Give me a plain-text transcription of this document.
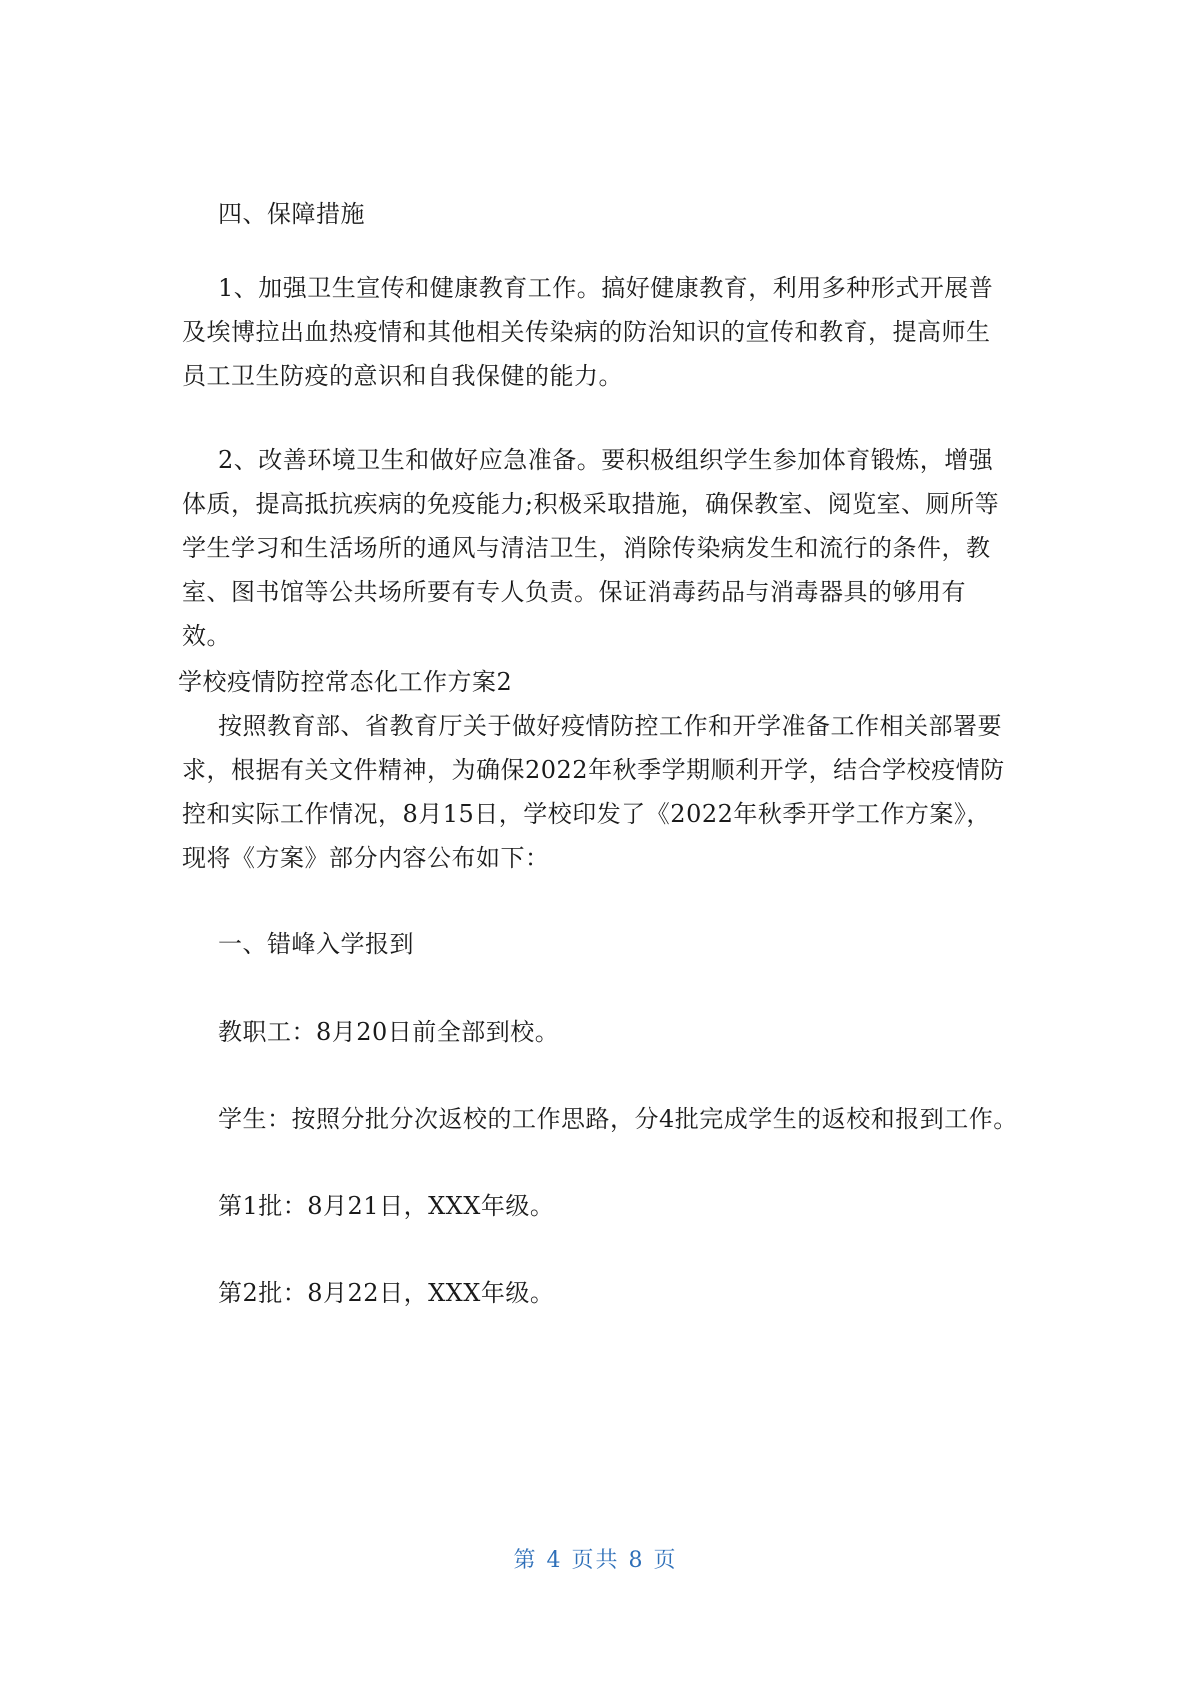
四、保障措施

1、加强卫生宣传和健康教育工作。搞好健康教育，利用多种形式开展普及埃博拉出血热疫情和其他相关传染病的防治知识的宣传和教育，提高师生员工卫生防疫的意识和自我保健的能力。

2、改善环境卫生和做好应急准备。要积极组织学生参加体育锻炼，增强体质，提高抵抗疾病的免疫能力;积极采取措施，确保教室、阅览室、厕所等学生学习和生活场所的通风与清洁卫生，消除传染病发生和流行的条件，教室、图书馆等公共场所要有专人负责。保证消毒药品与消毒器具的够用有效。

学校疫情防控常态化工作方案2

按照教育部、省教育厅关于做好疫情防控工作和开学准备工作相关部署要求，根据有关文件精神，为确保2022年秋季学期顺利开学，结合学校疫情防控和实际工作情况，8月15日，学校印发了《2022年秋季开学工作方案》，现将《方案》部分内容公布如下：

一、错峰入学报到

教职工：8月20日前全部到校。

学生：按照分批分次返校的工作思路，分4批完成学生的返校和报到工作。

第1批：8月21日，XXX年级。

第2批：8月22日，XXX年级。

第 4 页共 8 页
